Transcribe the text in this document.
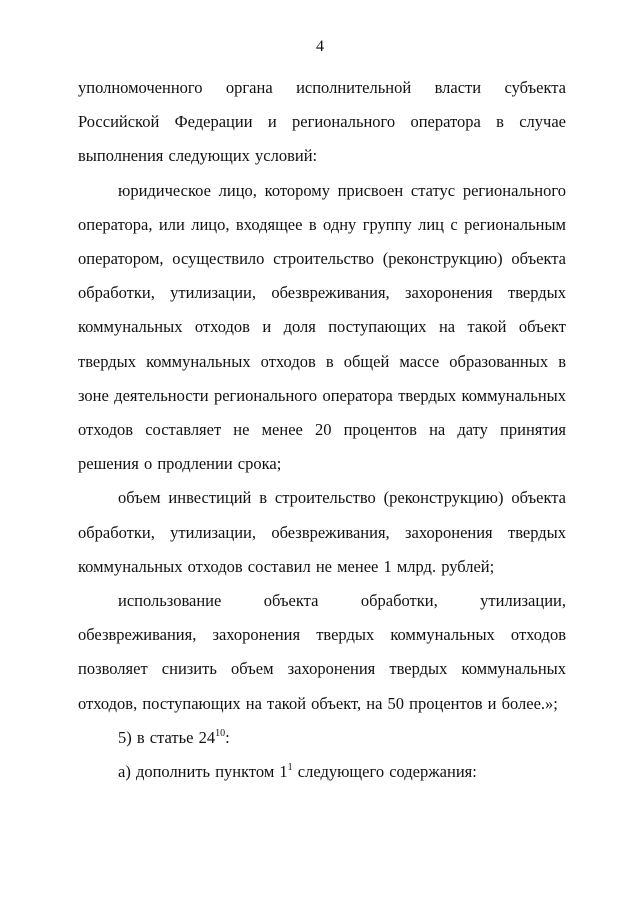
4

уполномоченного органа исполнительной власти субъекта Российской Федерации и регионального оператора в случае выполнения следующих условий:

юридическое лицо, которому присвоен статус регионального оператора, или лицо, входящее в одну группу лиц с региональным оператором, осуществило строительство (реконструкцию) объекта обработки, утилизации, обезвреживания, захоронения твердых коммунальных отходов и доля поступающих на такой объект твердых коммунальных отходов в общей массе образованных в зоне деятельности регионального оператора твердых коммунальных отходов составляет не менее 20 процентов на дату принятия решения о продлении срока;

объем инвестиций в строительство (реконструкцию) объекта обработки, утилизации, обезвреживания, захоронения твердых коммунальных отходов составил не менее 1 млрд. рублей;

использование объекта обработки, утилизации, обезвреживания, захоронения твердых коммунальных отходов позволяет снизить объем захоронения твердых коммунальных отходов, поступающих на такой объект, на 50 процентов и более.»;

5) в статье $24^{10}$:

а) дополнить пунктом $1^1$ следующего содержания:
